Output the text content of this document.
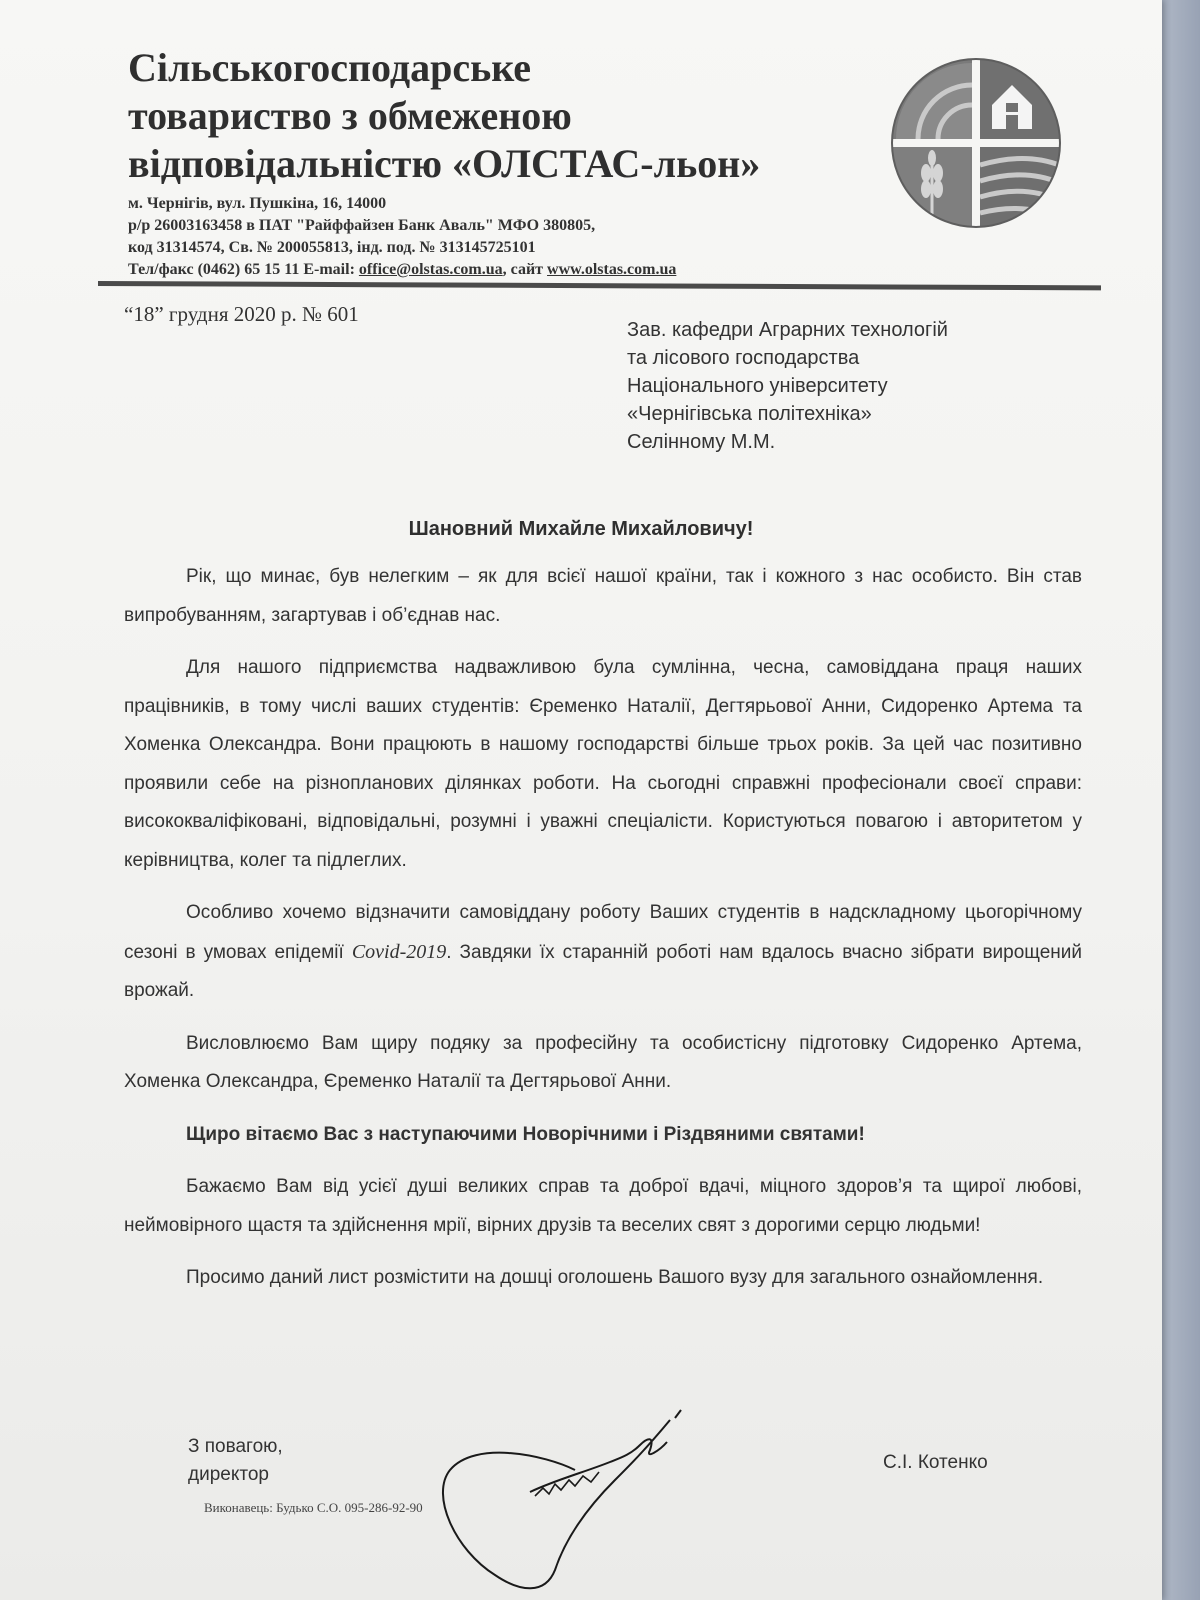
Сільськогосподарське
товариство з обмеженою
відповідальністю «ОЛСТАС-льон»
м. Чернігів, вул. Пушкіна, 16, 14000
р/р 26003163458 в ПАТ "Райффайзен Банк Аваль" МФО 380805,
код 31314574, Св. № 200055813, інд. под. № 313145725101
Тел/факс (0462) 65 15 11 E-mail: office@olstas.com.ua, сайт www.olstas.com.ua
“18” грудня 2020 р. № 601
Зав. кафедри Аграрних технологій
та лісового господарства
Національного університету
«Чернігівська політехніка»
Селінному М.М.
Шановний Михайле Михайловичу!

Рік, що минає, був нелегким – як для всієї нашої країни, так і кожного з нас особисто. Він став випробуванням, загартував і об’єднав нас.

Для нашого підприємства надважливою була сумлінна, чесна, самовіддана праця наших працівників, в тому числі ваших студентів: Єременко Наталії, Дегтярьової Анни, Сидоренко Артема та Хоменка Олександра. Вони працюють в нашому господарстві більше трьох років. За цей час позитивно проявили себе на різнопланових ділянках роботи. На сьогодні справжні професіонали своєї справи: висококваліфіковані, відповідальні, розумні і уважні спеціалісти. Користуються повагою і авторитетом у керівництва, колег та підлеглих.

Особливо хочемо відзначити самовіддану роботу Ваших студентів в надскладному цьогорічному сезоні в умовах епідемії Covid-2019. Завдяки їх старанній роботі нам вдалось вчасно зібрати вирощений врожай.

Висловлюємо Вам щиру подяку за професійну та особистісну підготовку Сидоренко Артема, Хоменка Олександра, Єременко Наталії та Дегтярьової Анни.

Щиро вітаємо Вас з наступаючими Новорічними і Різдвяними святами!

Бажаємо Вам від усієї душі великих справ та доброї вдачі, міцного здоров’я та щирої любові, неймовірного щастя та здійснення мрії, вірних друзів та веселих свят з дорогими серцю людьми!

Просимо даний лист розмістити на дошці оголошень Вашого вузу для загального ознайомлення.

З повагою,
директор
С.І. Котенко
Виконавець: Будько С.О. 095-286-92-90
